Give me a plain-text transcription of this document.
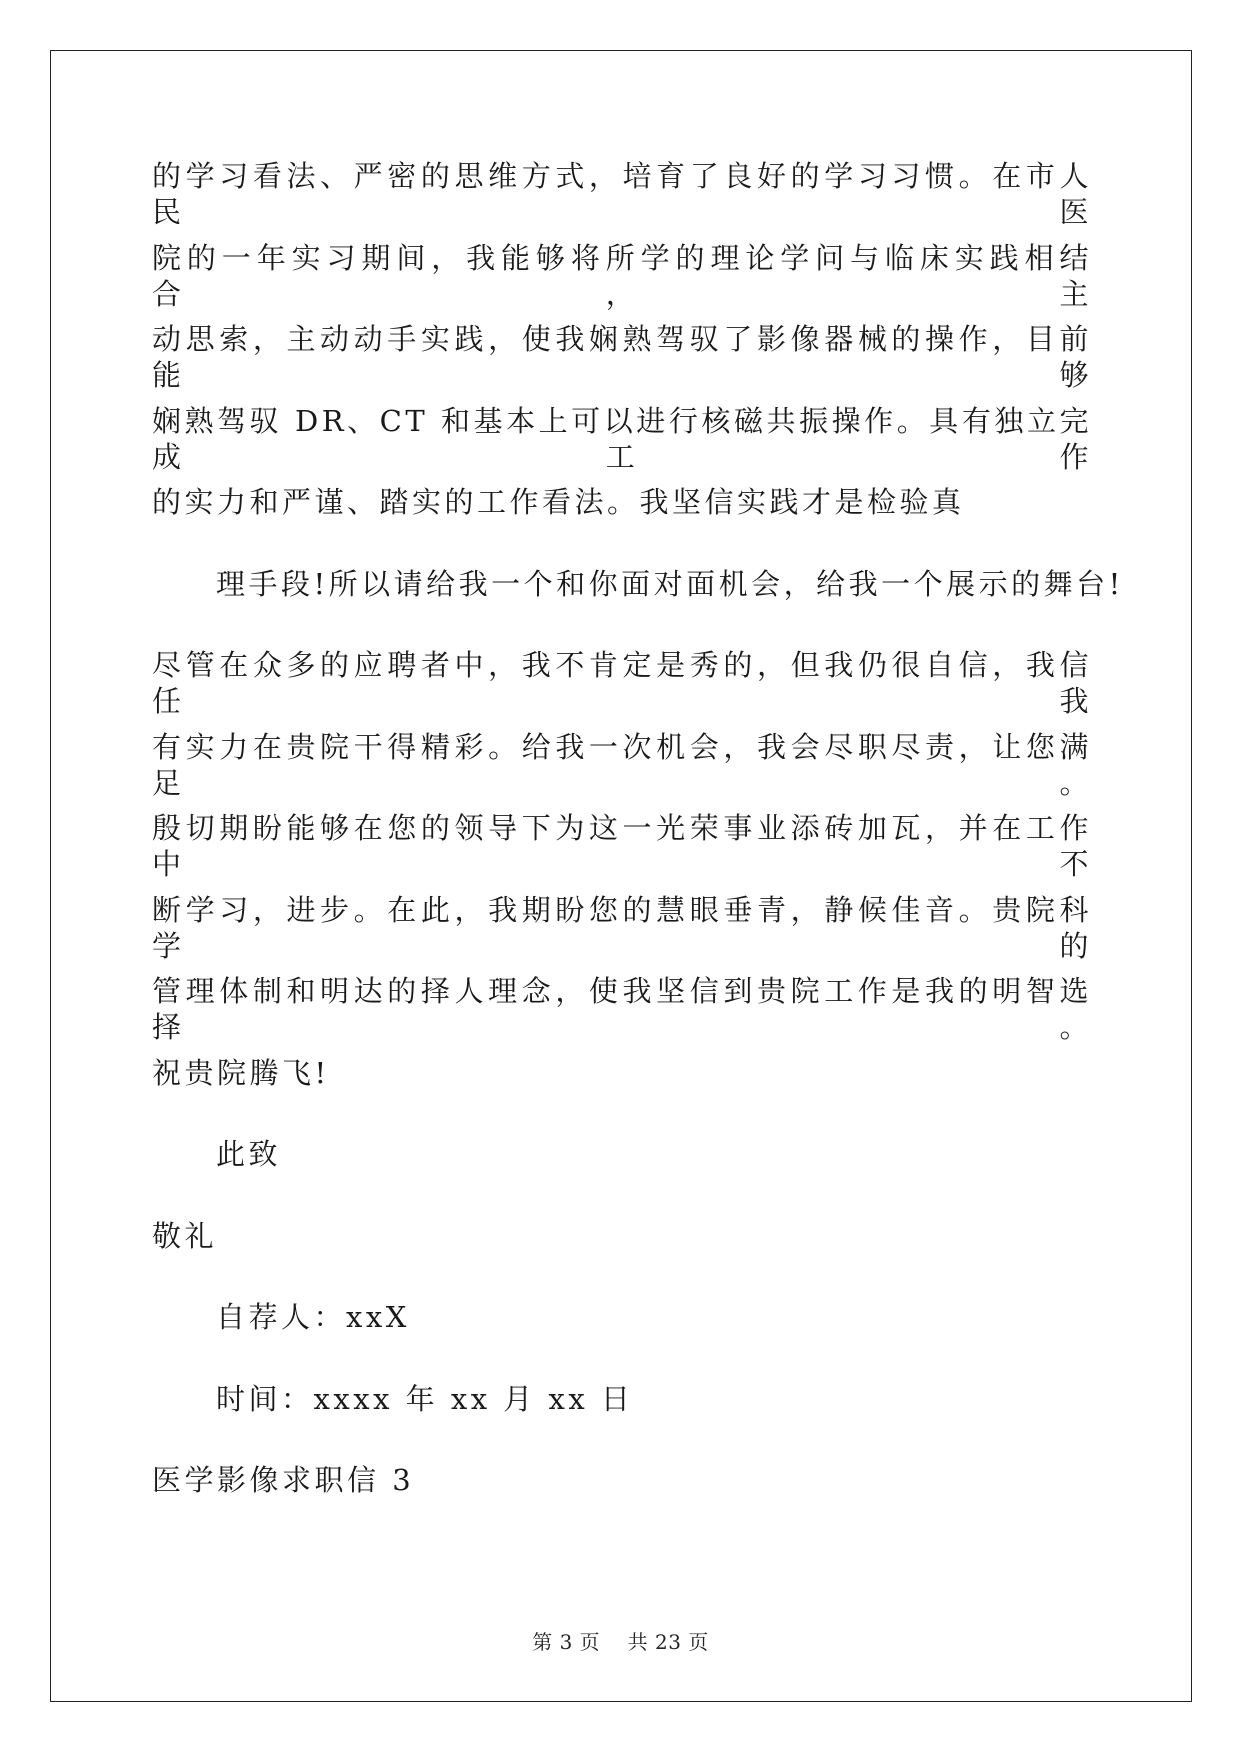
的学习看法、严密的思维方式，培育了良好的学习习惯。在市人民医
院的一年实习期间，我能够将所学的理论学问与临床实践相结合，主
动思索，主动动手实践，使我娴熟驾驭了影像器械的操作，目前能够
娴熟驾驭 DR、CT 和基本上可以进行核磁共振操作。具有独立完成工作
的实力和严谨、踏实的工作看法。我坚信实践才是检验真
理手段!所以请给我一个和你面对面机会，给我一个展示的舞台!
尽管在众多的应聘者中，我不肯定是秀的，但我仍很自信，我信任我
有实力在贵院干得精彩。给我一次机会，我会尽职尽责，让您满足。
殷切期盼能够在您的领导下为这一光荣事业添砖加瓦，并在工作中不
断学习，进步。在此，我期盼您的慧眼垂青，静候佳音。贵院科学的
管理体制和明达的择人理念，使我坚信到贵院工作是我的明智选择。
祝贵院腾飞!
此致
敬礼
自荐人：xxX
时间：xxxx 年 xx 月 xx 日
医学影像求职信 3
第 3 页 共 23 页
